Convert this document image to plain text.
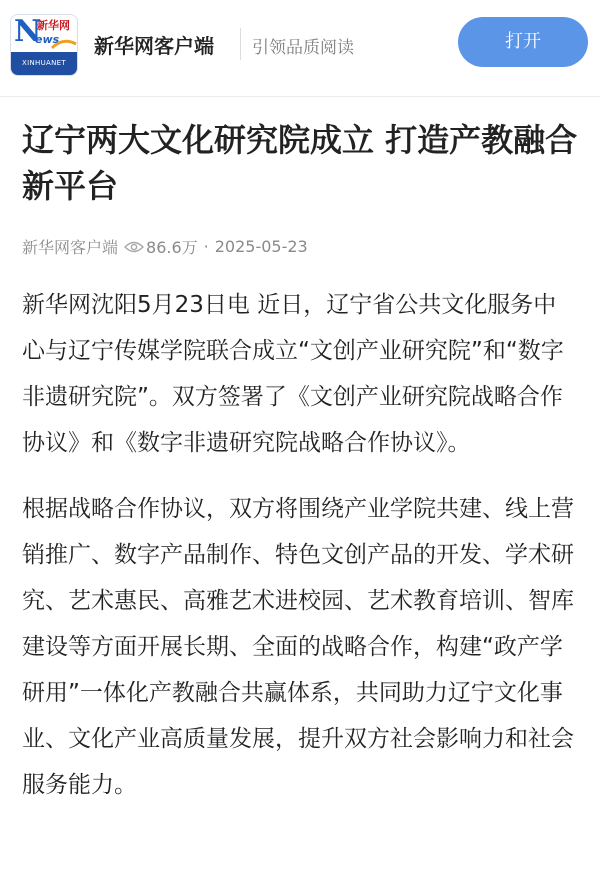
N
新华网
ews
XINHUANET
新华网客户端 引领品质阅读	打开
辽宁两大文化研究院成立 打造产教融合新平台
新华网客户端 86.6万 · 2025-05-23

新华网沈阳5月23日电 近日，辽宁省公共文化服务中心与辽宁传媒学院联合成立“文创产业研究院”和“数字非遗研究院”。双方签署了《文创产业研究院战略合作协议》和《数字非遗研究院战略合作协议》。

根据战略合作协议，双方将围绕产业学院共建、线上营销推广、数字产品制作、特色文创产品的开发、学术研究、艺术惠民、高雅艺术进校园、艺术教育培训、智库建设等方面开展长期、全面的战略合作，构建“政产学研用”一体化产教融合共赢体系，共同助力辽宁文化事业、文化产业高质量发展，提升双方社会影响力和社会服务能力。
